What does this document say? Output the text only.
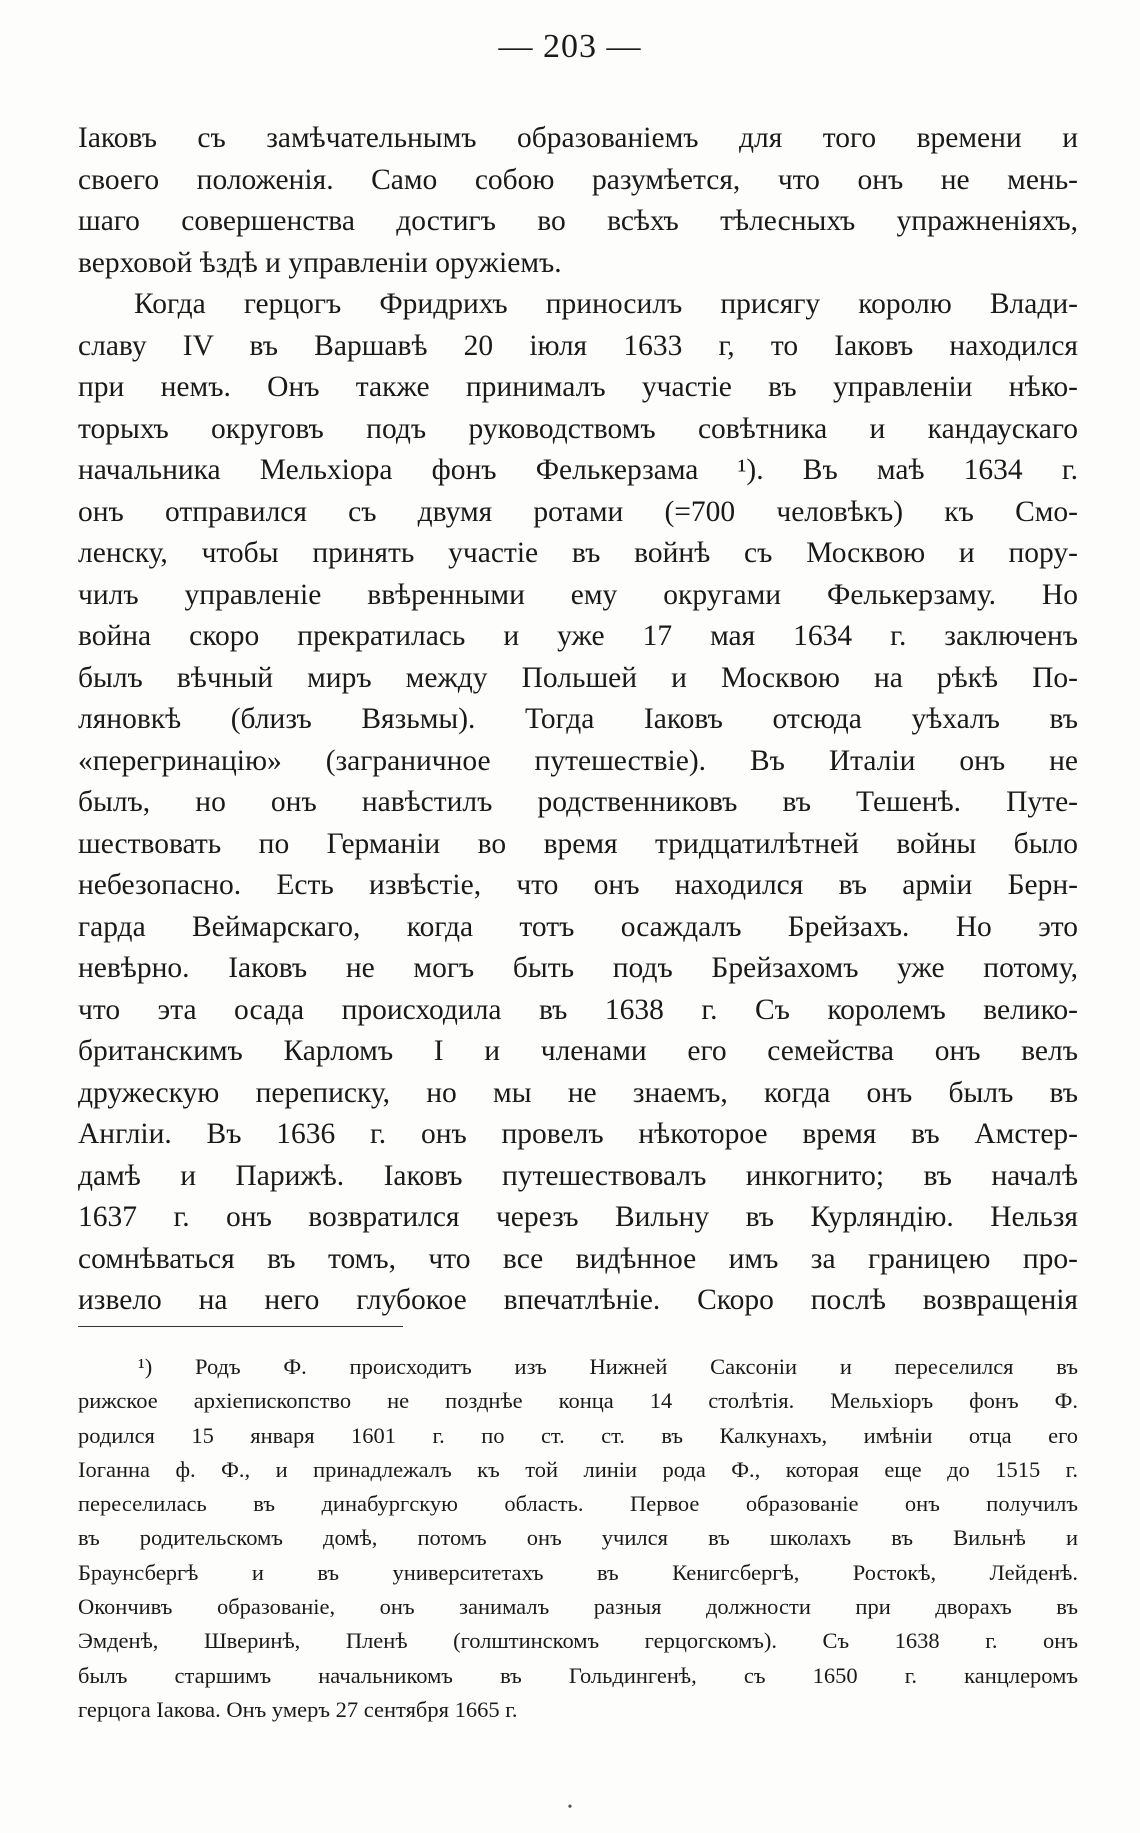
— 203 —
Іаковъ съ замѣчательнымъ образованіемъ для того времени и
своего положенія. Само собою разумѣется, что онъ не мень-
шаго совершенства достигъ во всѣхъ тѣлесныхъ упражненіяхъ,
верховой ѣздѣ и управленіи оружіемъ.
Когда герцогъ Фридрихъ приносилъ присягу королю Влади-
славу IV въ Варшавѣ 20 іюля 1633 г, то Іаковъ находился
при немъ. Онъ также принималъ участіе въ управленіи нѣко-
торыхъ округовъ подъ руководствомъ совѣтника и кандаускаго
начальника Мельхіора фонъ Фелькерзама ¹). Въ маѣ 1634 г.
онъ отправился съ двумя ротами (=700 человѣкъ) къ Смо-
ленску, чтобы принять участіе въ войнѣ съ Москвою и пору-
чилъ управленіе ввѣренными ему округами Фелькерзаму. Но
война скоро прекратилась и уже 17 мая 1634 г. заключенъ
былъ вѣчный миръ между Польшей и Москвою на рѣкѣ По-
ляновкѣ (близъ Вязьмы). Тогда Іаковъ отсюда уѣхалъ въ
«перегринацію» (заграничное путешествіе). Въ Италіи онъ не
былъ, но онъ навѣстилъ родственниковъ въ Тешенѣ. Путе-
шествовать по Германіи во время тридцатилѣтней войны было
небезопасно. Есть извѣстіе, что онъ находился въ арміи Берн-
гарда Веймарскаго, когда тотъ осаждалъ Брейзахъ. Но это
невѣрно. Іаковъ не могъ быть подъ Брейзахомъ уже потому,
что эта осада происходила въ 1638 г. Съ королемъ велико-
британскимъ Карломъ I и членами его семейства онъ велъ
дружескую переписку, но мы не знаемъ, когда онъ былъ въ
Англіи. Въ 1636 г. онъ провелъ нѣкоторое время въ Амстер-
дамѣ и Парижѣ. Іаковъ путешествовалъ инкогнито; въ началѣ
1637 г. онъ возвратился черезъ Вильну въ Курляндію. Нельзя
сомнѣваться въ томъ, что все видѣнное имъ за границею про-
извело на него глубокое впечатлѣніе. Скоро послѣ возвращенія
¹) Родъ Ф. происходитъ изъ Нижней Саксоніи и переселился въ
рижское архіепископство не позднѣе конца 14 столѣтія. Мельхіоръ фонъ Ф.
родился 15 января 1601 г. по ст. ст. въ Калкунахъ, имѣніи отца его
Іоганна ф. Ф., и принадлежалъ къ той линіи рода Ф., которая еще до 1515 г.
переселилась въ динабургскую область. Первое образованіе онъ получилъ
въ родительскомъ домѣ, потомъ онъ учился въ школахъ въ Вильнѣ и
Браунсбергѣ и въ университетахъ въ Кенигсбергѣ, Ростокѣ, Лейденѣ.
Окончивъ образованіе, онъ занималъ разныя должности при дворахъ въ
Эмденѣ, Шверинѣ, Пленѣ (голштинскомъ герцогскомъ). Съ 1638 г. онъ
былъ старшимъ начальникомъ въ Гольдингенѣ, съ 1650 г. канцлеромъ
герцога Іакова. Онъ умеръ 27 сентября 1665 г.
•
